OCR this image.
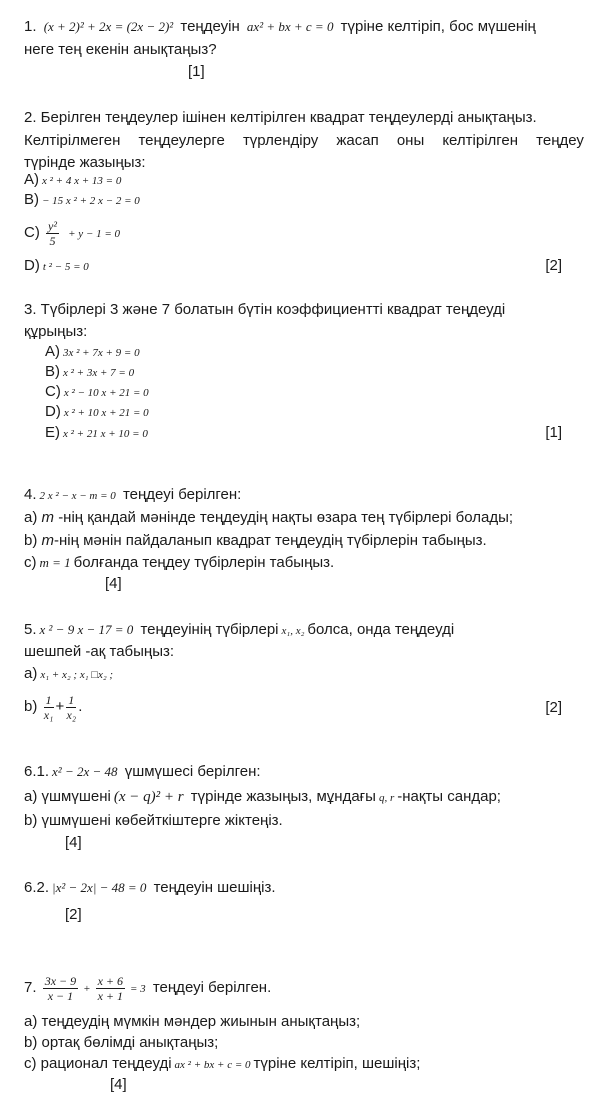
1. (x + 2)² + 2x = (2x − 2)² теңдеуін ax² + bx + c = 0 түріне келтіріп, бос мүшенің
неге тең екенін анықтаңыз?
[1]
2. Берілген теңдеулер ішінен келтірілген квадрат теңдеулерді анықтаңыз.
Келтірілмеген теңдеулерге түрлендіру жасап оны келтірілген теңдеу
түрінде жазыңыз:
A) x ² + 4 x + 13 = 0
B) − 15 x ² + 2 x − 2 = 0
$C) \frac{\text{y²}}{5} + y - 1 = 0$
D) t ² − 5 = 0	[2]
3. Түбірлері 3 және 7 болатын бүтін коэффициентті квадрат теңдеуді
құрыңыз:
A) 3x ² + 7x + 9 = 0
B) x ² + 3x + 7 = 0
C) x ² − 10 x + 21 = 0
D) x ² + 10 x + 21 = 0
E) x ² + 21 x + 10 = 0	[1]
4. 2 x ² − x − m = 0 теңдеуі берілген:
a) m -нің қандай мәнінде теңдеудің нақты өзара тең түбірлері болады;
b) m-нің мәнін пайдаланып квадрат теңдеудің түбірлерін табыңыз.
c) m = 1 болғанда теңдеу түбірлерін табыңыз.
[4]
5. x ² − 9 x − 17 = 0 теңдеуінің түбірлері x₁, x₂ болса, онда теңдеуді
шешпей -ақ табыңыз:
a) x₁ + x₂ ; x₁ □x₂ ;
$b) \frac{1}{\text{x₁}} + \frac{1}{\text{x₂}}$ .	[2]
6.1. x² − 2x − 48 үшмүшесі берілген:
a) үшмүшені (x − q)² + r түрінде жазыңыз, мұндағы q, r -нақты сандар;
b) үшмүшені көбейткіштерге жіктеңіз.
[4]
6.2. |x² − 2x| − 48 = 0 теңдеуін шешіңіз.
[2]
7. $\frac{3x - 9}{x - 1} + \frac{x + 6}{x + 1} = 3$ теңдеуі берілген.
a) теңдеудің мүмкін мәндер жиынын анықтаңыз;
b) ортақ бөлімді анықтаңыз;
c) рационал теңдеуді ax ² + bx + c = 0 түріне келтіріп, шешіңіз;
[4]
